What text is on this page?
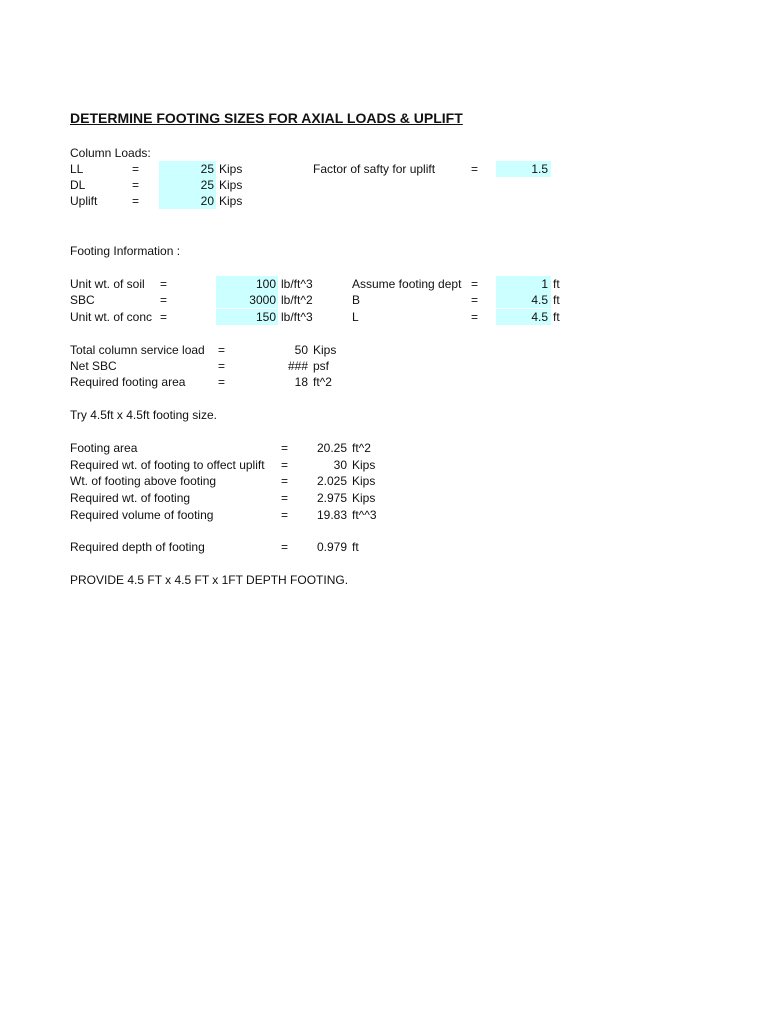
DETERMINE FOOTING SIZES FOR AXIAL LOADS & UPLIFT
Column Loads:
LL	=	25 Kips
DL	=	25 Kips
Uplift	=	20 Kips
Factor of safty for uplift	=	1.5
Footing Information :
Unit wt. of soil =	100 lb/ft^3
SBC	=	3000 lb/ft^2
Unit wt. of conc =	150 lb/ft^3
Assume footing dept =	1 ft
B	=	4.5 ft
L	=	4.5 ft
Total column service load =	50 Kips
Net SBC	=	### psf
Required footing area	=	18 ft^2
Try 4.5ft x 4.5ft footing size.
Footing area	=	20.25 ft^2
Required wt. of footing to offect uplift =	30 Kips
Wt. of footing above footing	=	2.025 Kips
Required wt. of footing	=	2.975 Kips
Required volume of footing	=	19.83 ft^^3
Required depth of footing	=	0.979 ft
PROVIDE 4.5 FT x 4.5 FT x 1FT DEPTH FOOTING.
